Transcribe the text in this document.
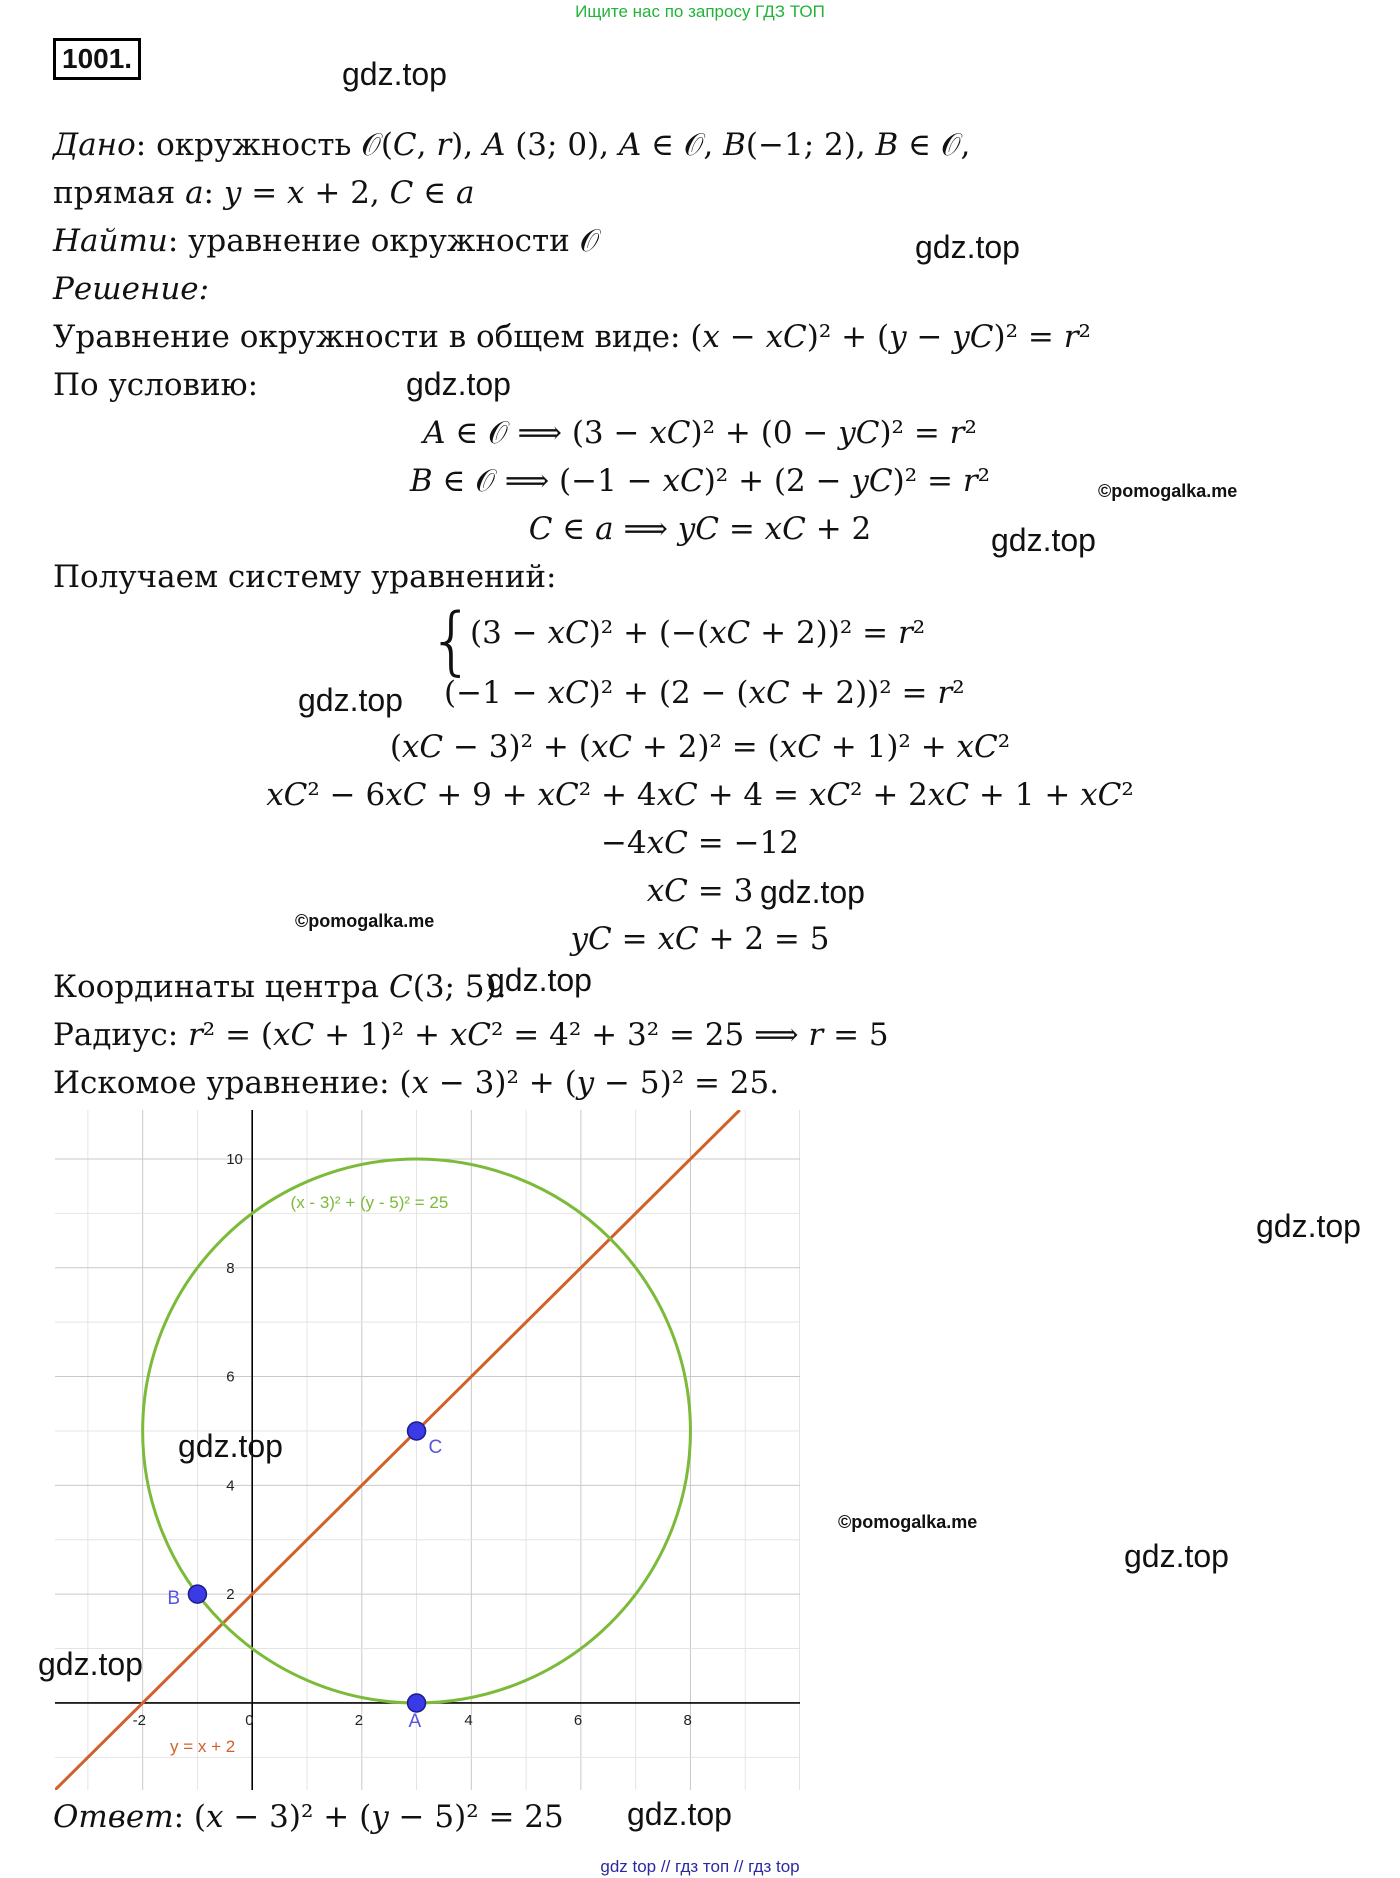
Ищите нас по запросу ГДЗ ТОП
1001.
Дано: окружность 𝒪(𝐶, 𝑟), 𝐴 (3; 0), 𝐴 ∈ 𝒪, 𝐵(−1; 2), 𝐵 ∈ 𝒪,
прямая 𝑎: 𝑦 = 𝑥 + 2, 𝐶 ∈ 𝑎
Найти: уравнение окружности 𝒪
Решение:
Уравнение окружности в общем виде: (𝑥 − 𝑥𝐶)² + (𝑦 − 𝑦𝐶)² = 𝑟²
По условию:
𝐴 ∈ 𝒪 ⟹ (3 − 𝑥𝐶)² + (0 − 𝑦𝐶)² = 𝑟²
𝐵 ∈ 𝒪 ⟹ (−1 − 𝑥𝐶)² + (2 − 𝑦𝐶)² = 𝑟²
𝐶 ∈ 𝑎 ⟹ 𝑦𝐶 = 𝑥𝐶 + 2
Получаем систему уравнений:
{
(3 − 𝑥𝐶)² + (−(𝑥𝐶 + 2))² = 𝑟²
(−1 − 𝑥𝐶)² + (2 − (𝑥𝐶 + 2))² = 𝑟²
(𝑥𝐶 − 3)² + (𝑥𝐶 + 2)² = (𝑥𝐶 + 1)² + 𝑥𝐶²
𝑥𝐶² − 6𝑥𝐶 + 9 + 𝑥𝐶² + 4𝑥𝐶 + 4 = 𝑥𝐶² + 2𝑥𝐶 + 1 + 𝑥𝐶²
−4𝑥𝐶 = −12
𝑥𝐶 = 3
𝑦𝐶 = 𝑥𝐶 + 2 = 5
Координаты центра 𝐶(3; 5).
Радиус: 𝑟² = (𝑥𝐶 + 1)² + 𝑥𝐶² = 4² + 3² = 25 ⟹ 𝑟 = 5
Искомое уравнение: (𝑥 − 3)² + (𝑦 − 5)² = 25.
-2	0	2	4	6	8
2
4
6
8
10
y = x + 2
(x - 3)² + (y - 5)² = 25
A
B
C
Ответ: (𝑥 − 3)² + (𝑦 − 5)² = 25
gdz.top
gdz.top
gdz.top
gdz.top
gdz.top
gdz.top
gdz.top
gdz.top
gdz.top
gdz.top
gdz.top
gdz.top
©pomogalka.me
©pomogalka.me
©pomogalka.me
gdz top // гдз топ // гдз top
